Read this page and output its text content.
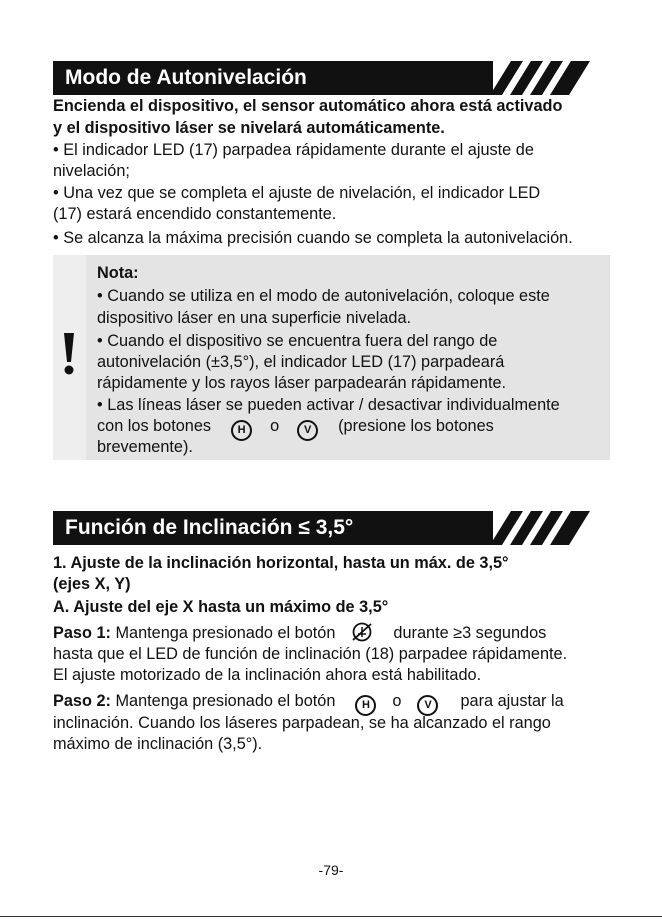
Modo de Autonivelación
Encienda el dispositivo, el sensor automático ahora está activado
y el dispositivo láser se nivelará automáticamente.
• El indicador LED (17) parpadea rápidamente durante el ajuste de
nivelación;
• Una vez que se completa el ajuste de nivelación, el indicador LED
(17) estará encendido constantemente.
• Se alcanza la máxima precisión cuando se completa la autonivelación.
Nota:
• Cuando se utiliza en el modo de autonivelación, coloque este
dispositivo láser en una superficie nivelada.
• Cuando el dispositivo se encuentra fuera del rango de
autonivelación (±3,5°), el indicador LED (17) parpadeará
rápidamente y los rayos láser parpadearán rápidamente.
• Las líneas láser se pueden activar / desactivar individualmente
con los botones H o V (presione los botones
brevemente).
Función de Inclinación ≤ 3,5°
1. Ajuste de la inclinación horizontal, hasta un máx. de 3,5°
(ejes X, Y)
A. Ajuste del eje X hasta un máximo de 3,5°
Paso 1: Mantenga presionado el botón	durante ≥3 segundos
hasta que el LED de función de inclinación (18) parpadee rápidamente.
El ajuste motorizado de la inclinación ahora está habilitado.
Paso 2: Mantenga presionado el botón H o V para ajustar la
inclinación. Cuando los láseres parpadean, se ha alcanzado el rango
máximo de inclinación (3,5°).
-79-
